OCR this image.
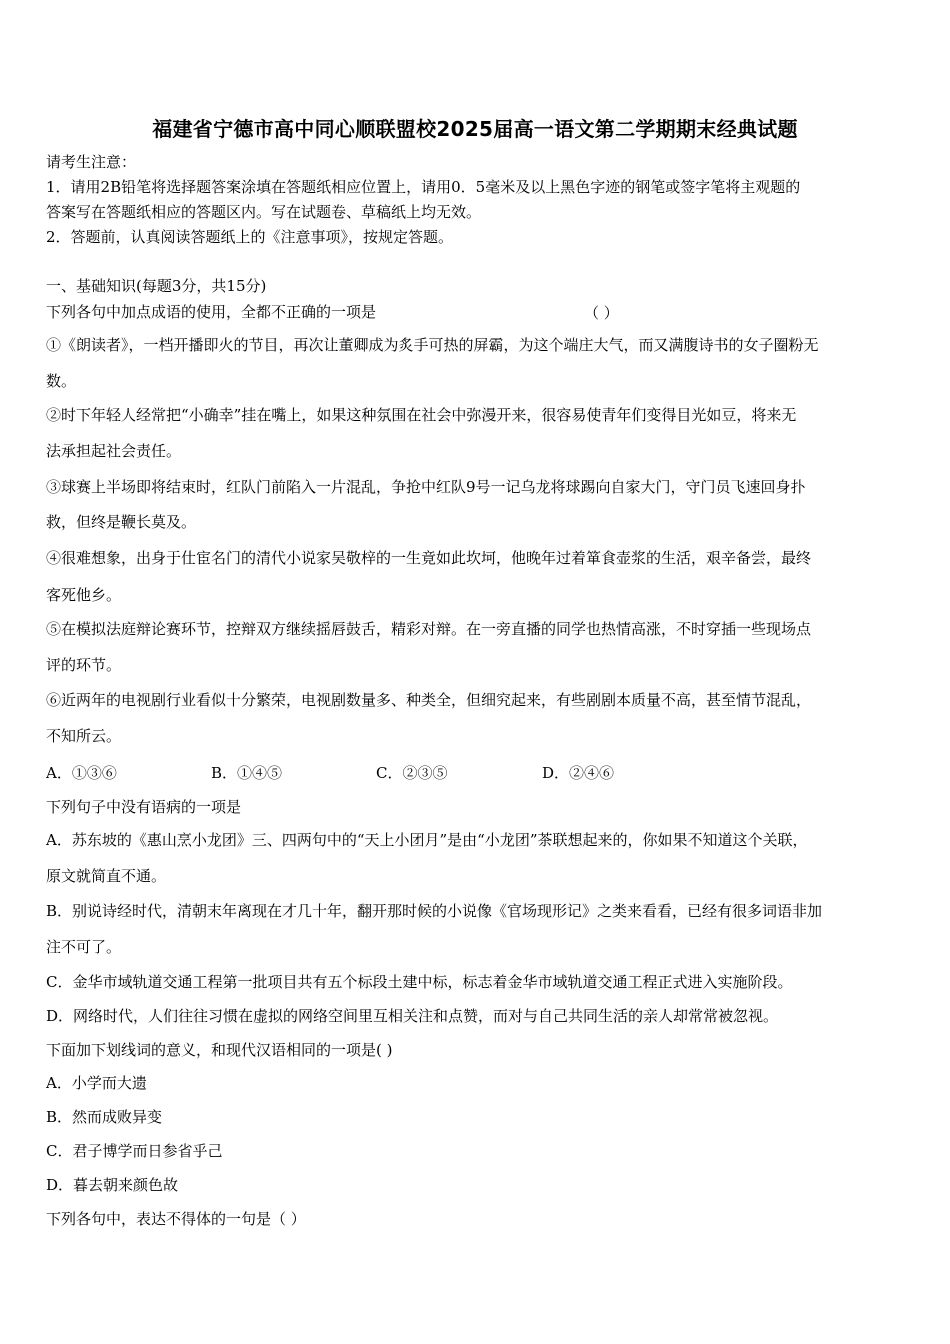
福建省宁德市高中同心顺联盟校2025届高一语文第二学期期末经典试题
请考生注意：
1．请用2B铅笔将选择题答案涂填在答题纸相应位置上，请用0．5毫米及以上黑色字迹的钢笔或签字笔将主观题的
答案写在答题纸相应的答题区内。写在试题卷、草稿纸上均无效。
2．答题前，认真阅读答题纸上的《注意事项》，按规定答题。
一、基础知识(每题3分，共15分)
下列各句中加点成语的使用，全都不正确的一项是	（ ）
①《朗读者》，一档开播即火的节目，再次让董卿成为炙手可热的屏霸，为这个端庄大气，而又满腹诗书的女子圈粉无
数。
②时下年轻人经常把“小确幸”挂在嘴上，如果这种氛围在社会中弥漫开来，很容易使青年们变得目光如豆，将来无
法承担起社会责任。
③球赛上半场即将结束时，红队门前陷入一片混乱，争抢中红队9号一记乌龙将球踢向自家大门，守门员飞速回身扑
救，但终是鞭长莫及。
④很难想象，出身于仕宦名门的清代小说家吴敬梓的一生竟如此坎坷，他晚年过着箪食壶浆的生活，艰辛备尝，最终
客死他乡。
⑤在模拟法庭辩论赛环节，控辩双方继续摇唇鼓舌，精彩对辩。在一旁直播的同学也热情高涨，不时穿插一些现场点
评的环节。
⑥近两年的电视剧行业看似十分繁荣，电视剧数量多、种类全，但细究起来，有些剧剧本质量不高，甚至情节混乱，
不知所云。
A．①③⑥	B．①④⑤	C．②③⑤	D．②④⑥
下列句子中没有语病的一项是
A．苏东坡的《惠山烹小龙团》三、四两句中的“天上小团月”是由“小龙团”茶联想起来的，你如果不知道这个关联，
原文就简直不通。
B．别说诗经时代，清朝末年离现在才几十年，翻开那时候的小说像《官场现形记》之类来看看，已经有很多词语非加
注不可了。
C．金华市域轨道交通工程第一批项目共有五个标段土建中标，标志着金华市域轨道交通工程正式进入实施阶段。
D．网络时代，人们往往习惯在虚拟的网络空间里互相关注和点赞，而对与自己共同生活的亲人却常常被忽视。
下面加下划线词的意义，和现代汉语相同的一项是( )
A．小学而大遗
B．然而成败异变
C．君子博学而日参省乎己
D．暮去朝来颜色故
下列各句中，表达不得体的一句是（ ）
